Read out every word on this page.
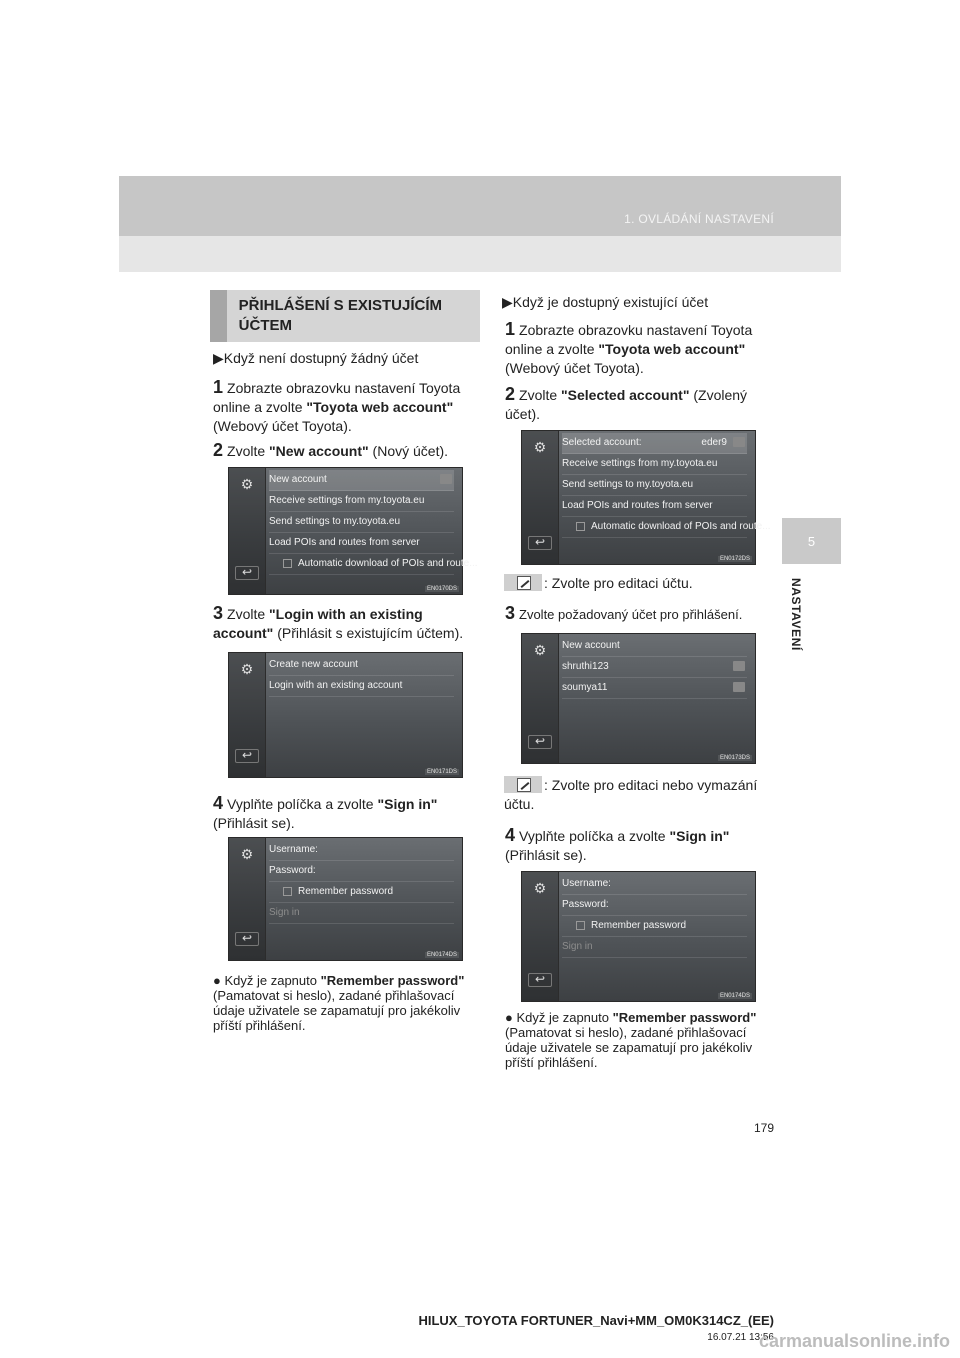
1. OVLÁDÁNÍ NASTAVENÍ
5
NASTAVENÍ
PŘIHLÁŠENÍ S EXISTUJÍCÍM ÚČTEM
▶Když není dostupný žádný účet
1 Zobrazte obrazovku nastavení Toyota online a zvolte "Toyota web account" (Webový účet Toyota).
2 Zvolte "New account" (Nový účet).
⚙
↩
New account
Receive settings from my.toyota.eu
Send settings to my.toyota.eu
Load POIs and routes from server
Automatic download of POIs and route...
EN0170DS
3 Zvolte "Login with an existing account" (Přihlásit s existujícím účtem).
⚙
↩
Create new account
Login with an existing account
EN0171DS
4 Vyplňte políčka a zvolte "Sign in" (Přihlásit se).
⚙
↩
Username:
Password:
Remember password
Sign in
EN0174DS
● Když je zapnuto "Remember password" (Pamatovat si heslo), zadané přihlašovací údaje uživatele se zapamatují pro jakékoliv příští přihlášení.
▶Když je dostupný existující účet
1 Zobrazte obrazovku nastavení Toyota online a zvolte "Toyota web account" (Webový účet Toyota).
2 Zvolte "Selected account" (Zvolený účet).
⚙
↩
Selected account:	eder9
Receive settings from my.toyota.eu
Send settings to my.toyota.eu
Load POIs and routes from server
Automatic download of POIs and route...
EN0172DS
: Zvolte pro editaci účtu.
3 Zvolte požadovaný účet pro přihlášení.
⚙
↩
New account
shruthi123
soumya11
EN0173DS
: Zvolte pro editaci nebo vymazání účtu.
4 Vyplňte políčka a zvolte "Sign in" (Přihlásit se).
⚙
↩
Username:
Password:
Remember password
Sign in
EN0174DS
● Když je zapnuto "Remember password" (Pamatovat si heslo), zadané přihlašovací údaje uživatele se zapamatují pro jakékoliv příští přihlášení.
179
HILUX_TOYOTA FORTUNER_Navi+MM_OM0K314CZ_(EE)
16.07.21 13:56
carmanualsonline.info
